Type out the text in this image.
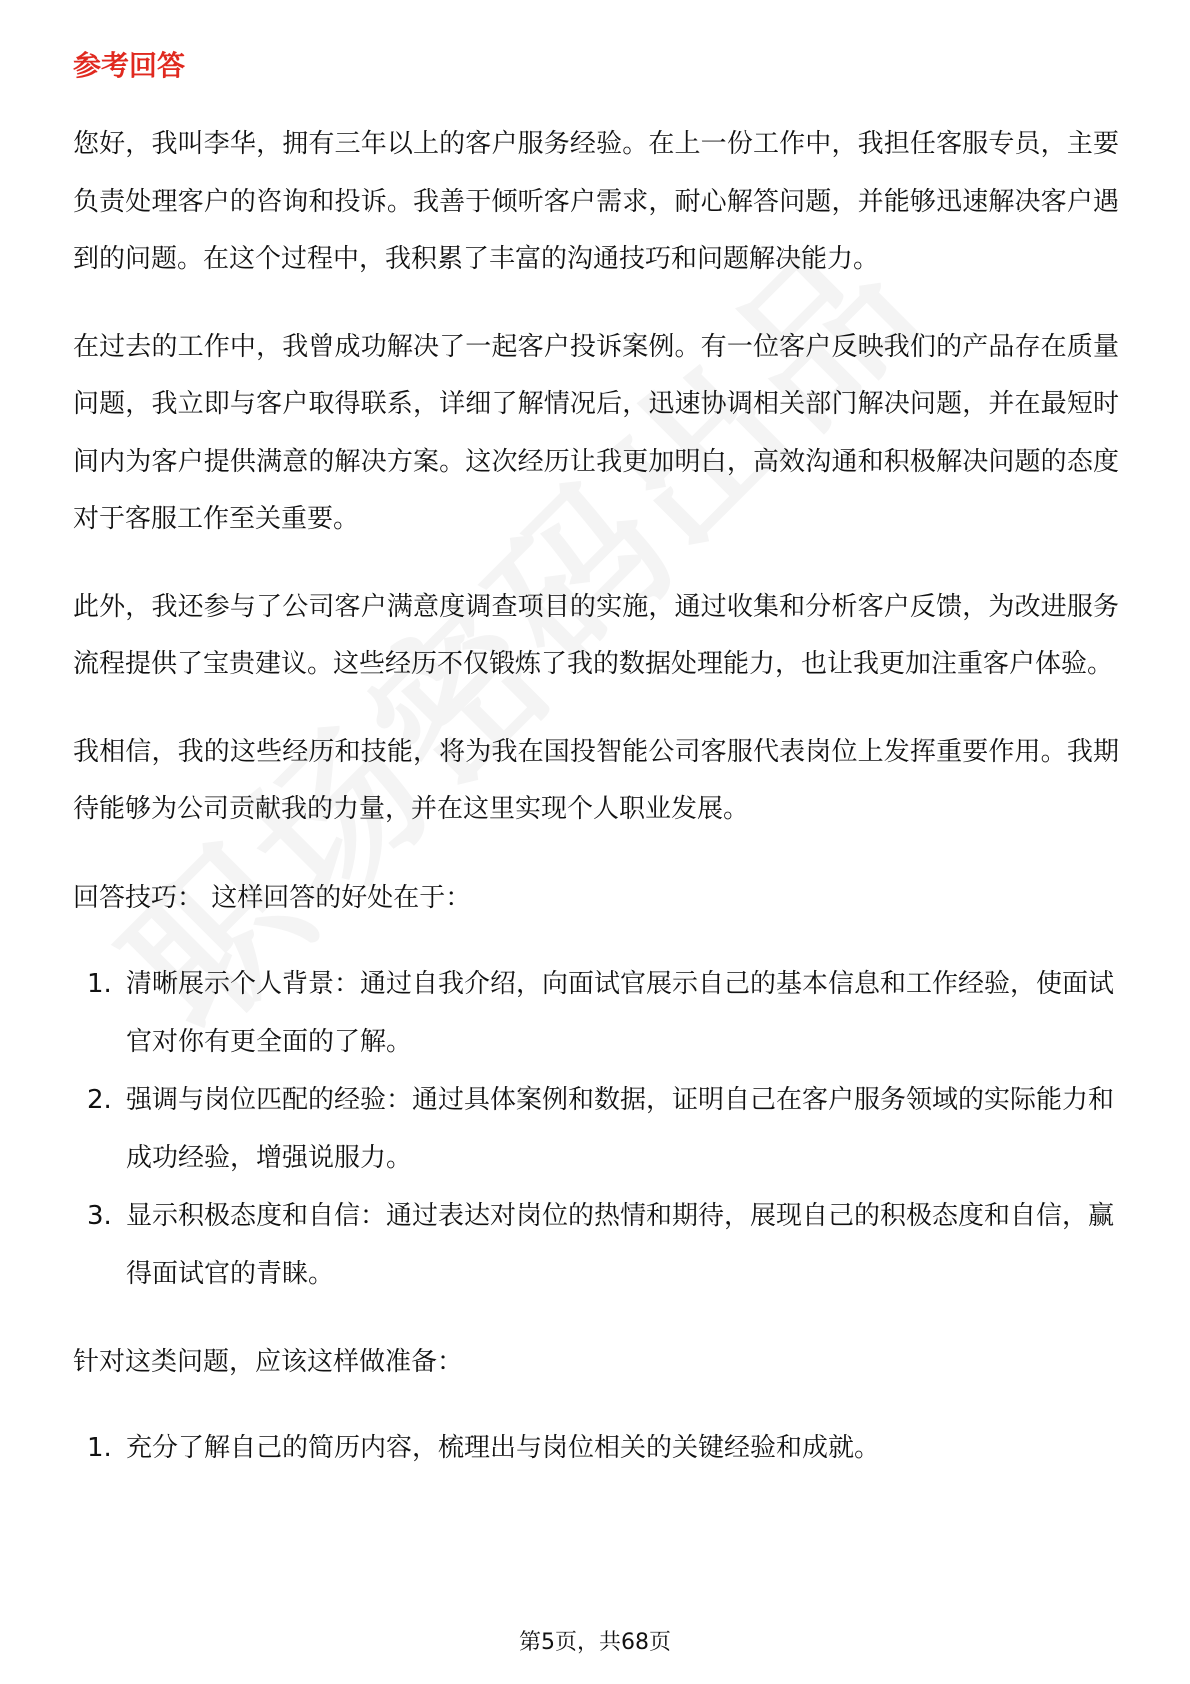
参考回答

您好，我叫李华，拥有三年以上的客户服务经验。在上一份工作中，我担任客服专员，主要负责处理客户的咨询和投诉。我善于倾听客户需求，耐心解答问题，并能够迅速解决客户遇到的问题。在这个过程中，我积累了丰富的沟通技巧和问题解决能力。

在过去的工作中，我曾成功解决了一起客户投诉案例。有一位客户反映我们的产品存在质量问题，我立即与客户取得联系，详细了解情况后，迅速协调相关部门解决问题，并在最短时间内为客户提供满意的解决方案。这次经历让我更加明白，高效沟通和积极解决问题的态度对于客服工作至关重要。

此外，我还参与了公司客户满意度调查项目的实施，通过收集和分析客户反馈，为改进服务流程提供了宝贵建议。这些经历不仅锻炼了我的数据处理能力，也让我更加注重客户体验。

我相信，我的这些经历和技能，将为我在国投智能公司客服代表岗位上发挥重要作用。我期待能够为公司贡献我的力量，并在这里实现个人职业发展。

回答技巧： 这样回答的好处在于：
1. 清晰展示个人背景：通过自我介绍，向面试官展示自己的基本信息和工作经验，使面试官对你有更全面的了解。
2. 强调与岗位匹配的经验：通过具体案例和数据，证明自己在客户服务领域的实际能力和成功经验，增强说服力。
3. 显示积极态度和自信：通过表达对岗位的热情和期待，展现自己的积极态度和自信，赢得面试官的青睐。
针对这类问题，应该这样做准备：
1. 充分了解自己的简历内容，梳理出与岗位相关的关键经验和成就。
第5页，共68页
